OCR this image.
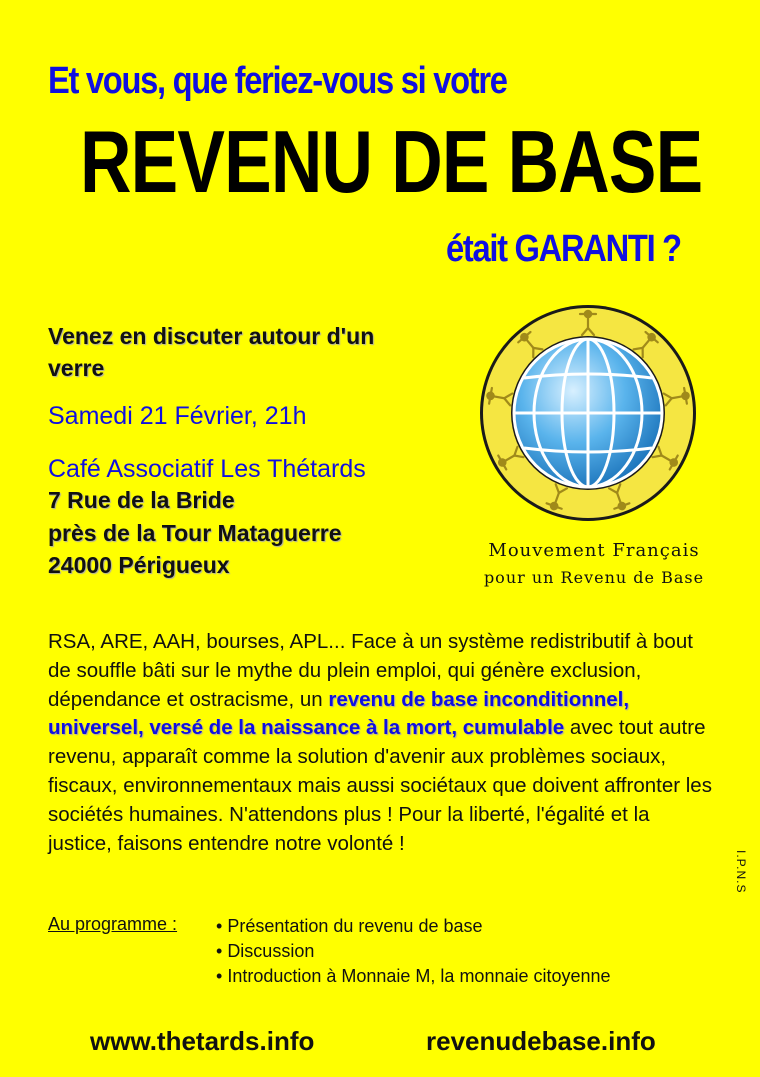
Et vous, que feriez-vous si votre
REVENU DE BASE
était GARANTI ?
Venez en discuter autour d'un verre
Samedi 21 Février, 21h
Café Associatif Les Thétards
7 Rue de la Bride
près de la Tour Mataguerre
24000 Périgueux
Mouvement Français
pour un Revenu de Base
RSA, ARE, AAH, bourses, APL... Face à un système redistributif à bout de souffle bâti sur le mythe du plein emploi, qui génère exclusion, dépendance et ostracisme, un revenu de base inconditionnel, universel, versé de la naissance à la mort, cumulable avec tout autre revenu, apparaît comme la solution d'avenir aux problèmes sociaux, fiscaux, environnementaux mais aussi sociétaux que doivent affronter les sociétés humaines. N'attendons plus ! Pour la liberté, l'égalité et la justice, faisons entendre notre volonté !
I.P.N.S
Au programme :
•	Présentation du revenu de base
• Discussion
• Introduction à Monnaie M, la monnaie citoyenne
www.thetards.info	revenudebase.info
